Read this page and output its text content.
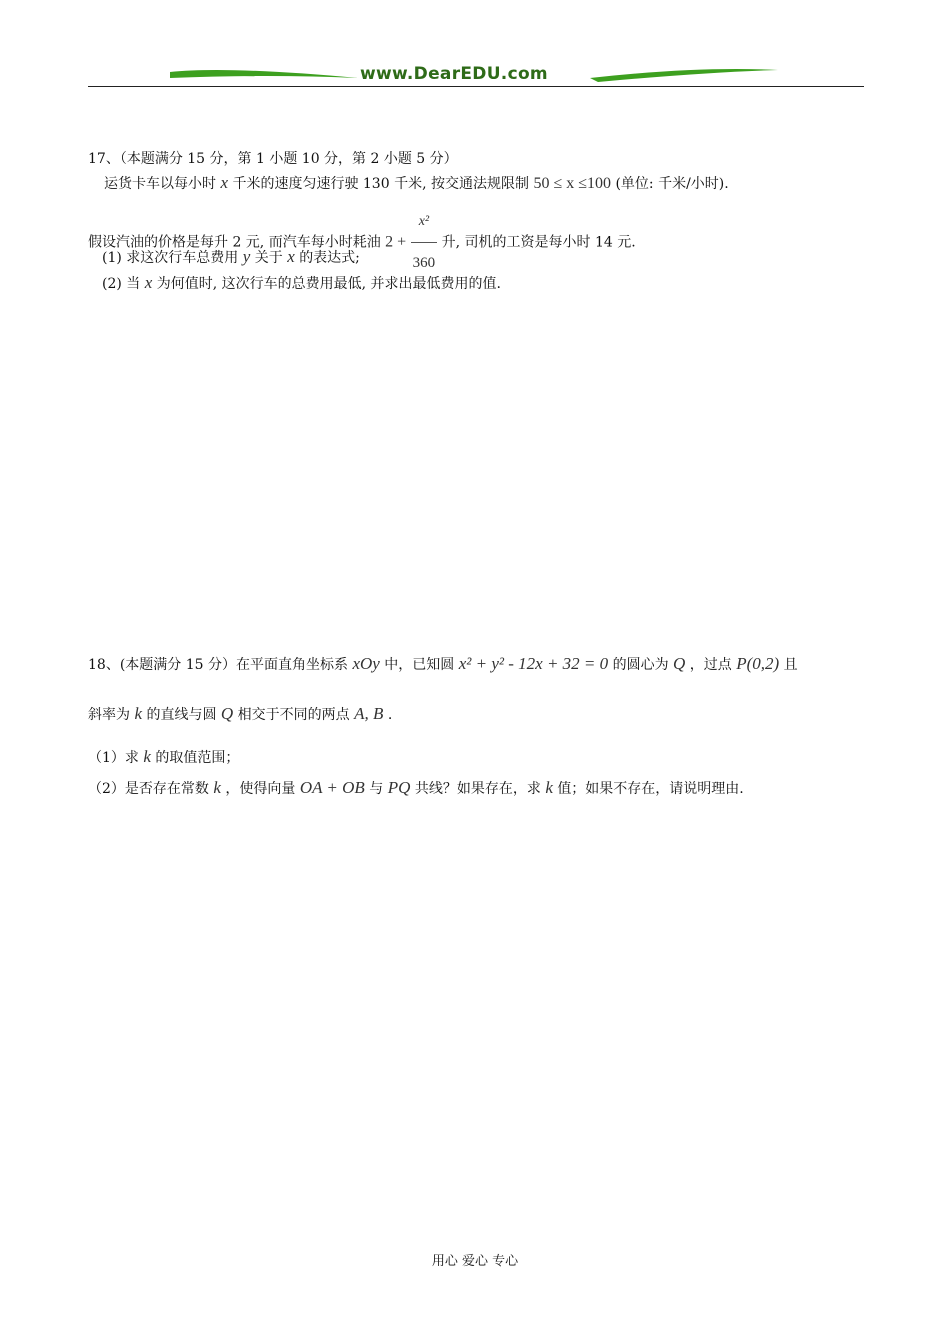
www.DearEDU.com
17、（本题满分 15 分，第 1 小题 10 分，第 2 小题 5 分）
运货卡车以每小时 x 千米的速度匀速行驶 130 千米, 按交通法规限制 50 ≤ x ≤100 (单位: 千米/小时).
假设汽油的价格是每升 2 元, 而汽车每小时耗油 $2 + \frac{\text{x²}}{360}$ 升, 司机的工资是每小时 14 元.
(1) 求这次行车总费用 y 关于 x 的表达式;
(2) 当 x 为何值时, 这次行车的总费用最低, 并求出最低费用的值.
18、(本题满分 15 分）在平面直角坐标系 xOy 中，已知圆 x² + y² - 12x + 32 = 0 的圆心为 Q ，过点 P(0,2) 且
斜率为 k 的直线与圆 Q 相交于不同的两点 A, B .
（1）求 k 的取值范围；
（2）是否存在常数 k ，使得向量 OA + OB 与 PQ 共线？如果存在，求 k 值；如果不存在，请说明理由.
用心 爱心 专心
